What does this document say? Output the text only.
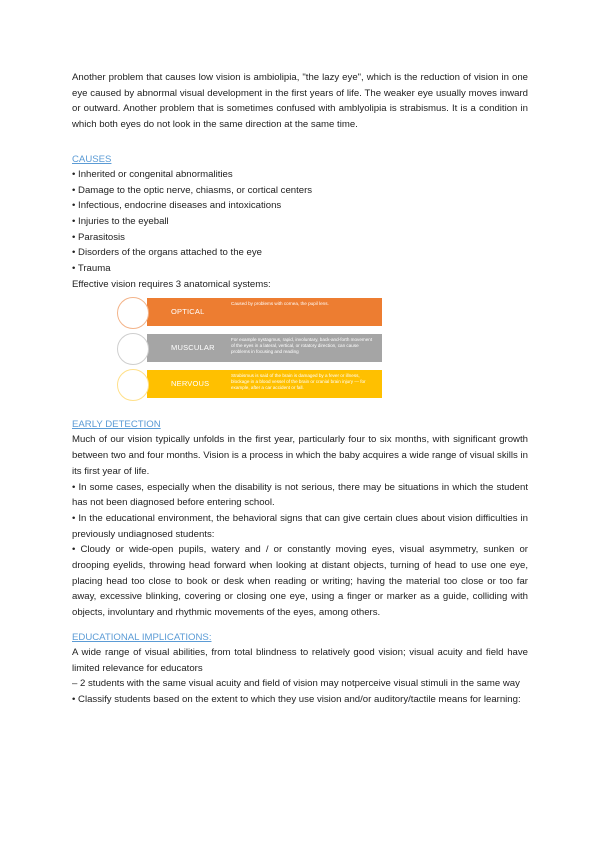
Another problem that causes low vision is ambiolipia, "the lazy eye", which is the reduction of vision in one eye caused by abnormal visual development in the first years of life. The weaker eye usually moves inward or outward. Another problem that is sometimes confused with amblyolipia is strabismus. It is a condition in which both eyes do not look in the same direction at the same time.

CAUSES

• Inherited or congenital abnormalities

• Damage to the optic nerve, chiasms, or cortical centers

• Infectious, endocrine diseases and intoxications

• Injuries to the eyeball

• Parasitosis

• Disorders of the organs attached to the eye

• Trauma

Effective vision requires 3 anatomical systems:

OPTICAL
Caused by problems with cornea, the pupil lens.
MUSCULAR
For example nystagmus, rapid, involuntary, back-and-forth movement of the eyes in a lateral, vertical, or rotatory direction, can cause problems in focusing and reading
NERVOUS
Strabismus is said of the brain is damaged by a fever or illness, blockage in a blood vessel of the brain or cranial brain injury — for example, after a car accident or fall.

EARLY DETECTION

Much of our vision typically unfolds in the first year, particularly four to six months, with significant growth between two and four months. Vision is a process in which the baby acquires a wide range of visual skills in its first year of life.

• In some cases, especially when the disability is not serious, there may be situations in which the student has not been diagnosed before entering school.

• In the educational environment, the behavioral signs that can give certain clues about vision difficulties in previously undiagnosed students:

• Cloudy or wide-open pupils, watery and / or constantly moving eyes, visual asymmetry, sunken or drooping eyelids, throwing head forward when looking at distant objects, turning of head to use one eye, placing head too close to book or desk when reading or writing; having the material too close or too far away, excessive blinking, covering or closing one eye, using a finger or marker as a guide, colliding with objects, involuntary and rhythmic movements of the eyes, among others.

EDUCATIONAL IMPLICATIONS:

A wide range of visual abilities, from total blindness to relatively good vision; visual acuity and field have limited relevance for educators

– 2 students with the same visual acuity and field of vision may notperceive visual stimuli in the same way

• Classify students based on the extent to which they use vision and/or auditory/tactile means for learning:
